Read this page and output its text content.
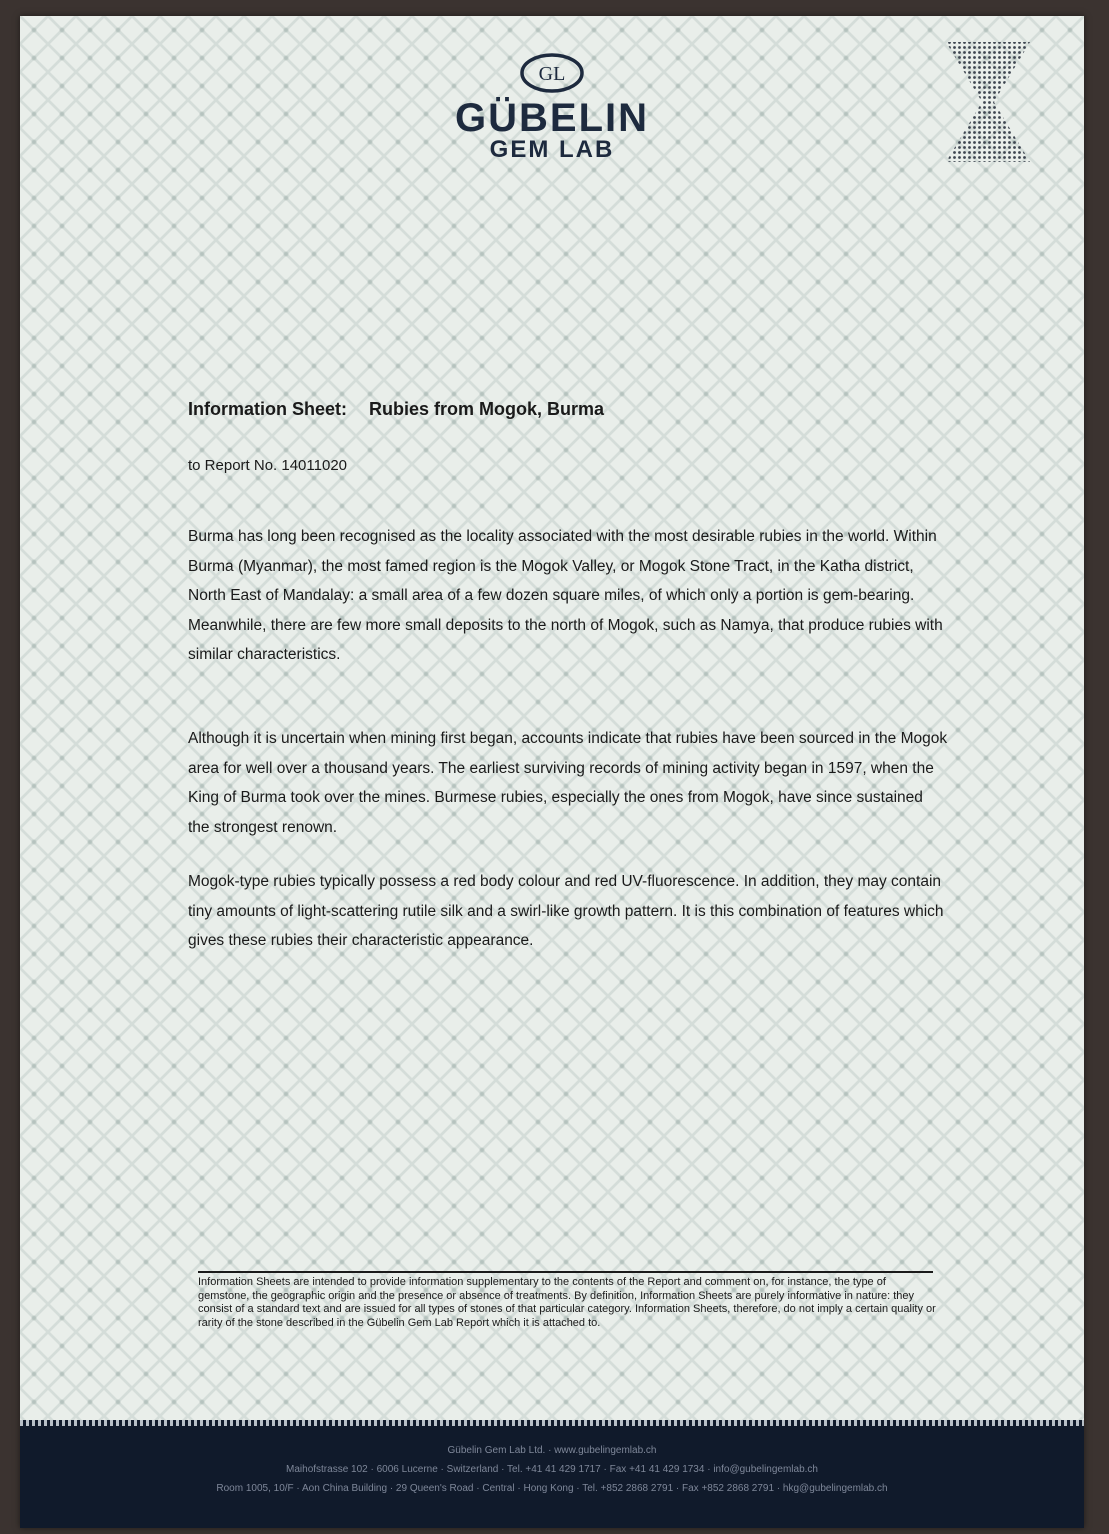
GL
GÜBELIN
GEM LAB
Information Sheet: Rubies from Mogok, Burma
to Report No. 14011020

Burma has long been recognised as the locality associated with the most desirable rubies in the world. Within Burma (Myanmar), the most famed region is the Mogok Valley, or Mogok Stone Tract, in the Katha district, North East of Mandalay: a small area of a few dozen square miles, of which only a portion is gem-bearing. Meanwhile, there are few more small deposits to the north of Mogok, such as Namya, that produce rubies with similar characteristics.

Although it is uncertain when mining first began, accounts indicate that rubies have been sourced in the Mogok area for well over a thousand years. The earliest surviving records of mining activity began in 1597, when the King of Burma took over the mines. Burmese rubies, especially the ones from Mogok, have since sustained the strongest renown.

Mogok-type rubies typically possess a red body colour and red UV-fluorescence. In addition, they may contain tiny amounts of light-scattering rutile silk and a swirl-like growth pattern. It is this combination of features which gives these rubies their characteristic appearance.

Information Sheets are intended to provide information supplementary to the contents of the Report and comment on, for instance, the type of gemstone, the geographic origin and the presence or absence of treatments. By definition, Information Sheets are purely informative in nature: they consist of a standard text and are issued for all types of stones of that particular category. Information Sheets, therefore, do not imply a certain quality or rarity of the stone described in the Gübelin Gem Lab Report which it is attached to.

Gübelin Gem Lab Ltd. · www.gubelingemlab.ch
Maihofstrasse 102 · 6006 Lucerne · Switzerland · Tel. +41 41 429 1717 · Fax +41 41 429 1734 · info@gubelingemlab.ch
Room 1005, 10/F · Aon China Building · 29 Queen's Road · Central · Hong Kong · Tel. +852 2868 2791 · Fax +852 2868 2791 · hkg@gubelingemlab.ch
